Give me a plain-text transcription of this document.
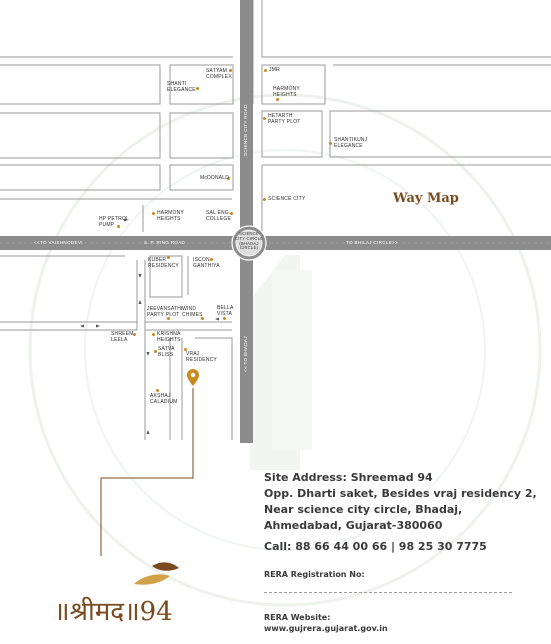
<<TO VAISHNODEVI	S. P. RING ROAD	TO BHILAJ CIRCLE>>
SCIENCE CITY ROAD
<< TO BHADAJ
SCIENCE
CITY CIRCLE
(BHADAJ
CIRCLE)
SHANTI
ELEGANCE
SATYAM
COMPLEX
JMR
HARMONY
HEIGHTS
HETARTH
PARTY PLOT
SHANTIKUNJ
ELEGANCE
McDONALD
SCIENCE CITY
HP PETROL
PUMP
HARMONY
HEIGHTS
SAL ENG.
COLLEGE
KUBER
RESIDENCY
ISCON
GANTHIYA
JEEVANSATHI
PARTY PLOT
WIND
CHIMES
BELLA
VISTA
SHREEM
LEELA
KRISHNA
HEIGHTS
SATVA
BLISS	VRAJ
RESIDENCY
AKSHAJ
CALADIUM
Way Map
Site Address: Shreemad 94
Opp. Dharti saket, Besides vraj residency 2,
Near science city circle, Bhadaj,
Ahmedabad, Gujarat-380060
Call: 88 66 44 00 66 | 98 25 30 7775
RERA Registration No:
RERA Website:
www.gujrera.gujarat.gov.in
॥श्रीमद॥94
